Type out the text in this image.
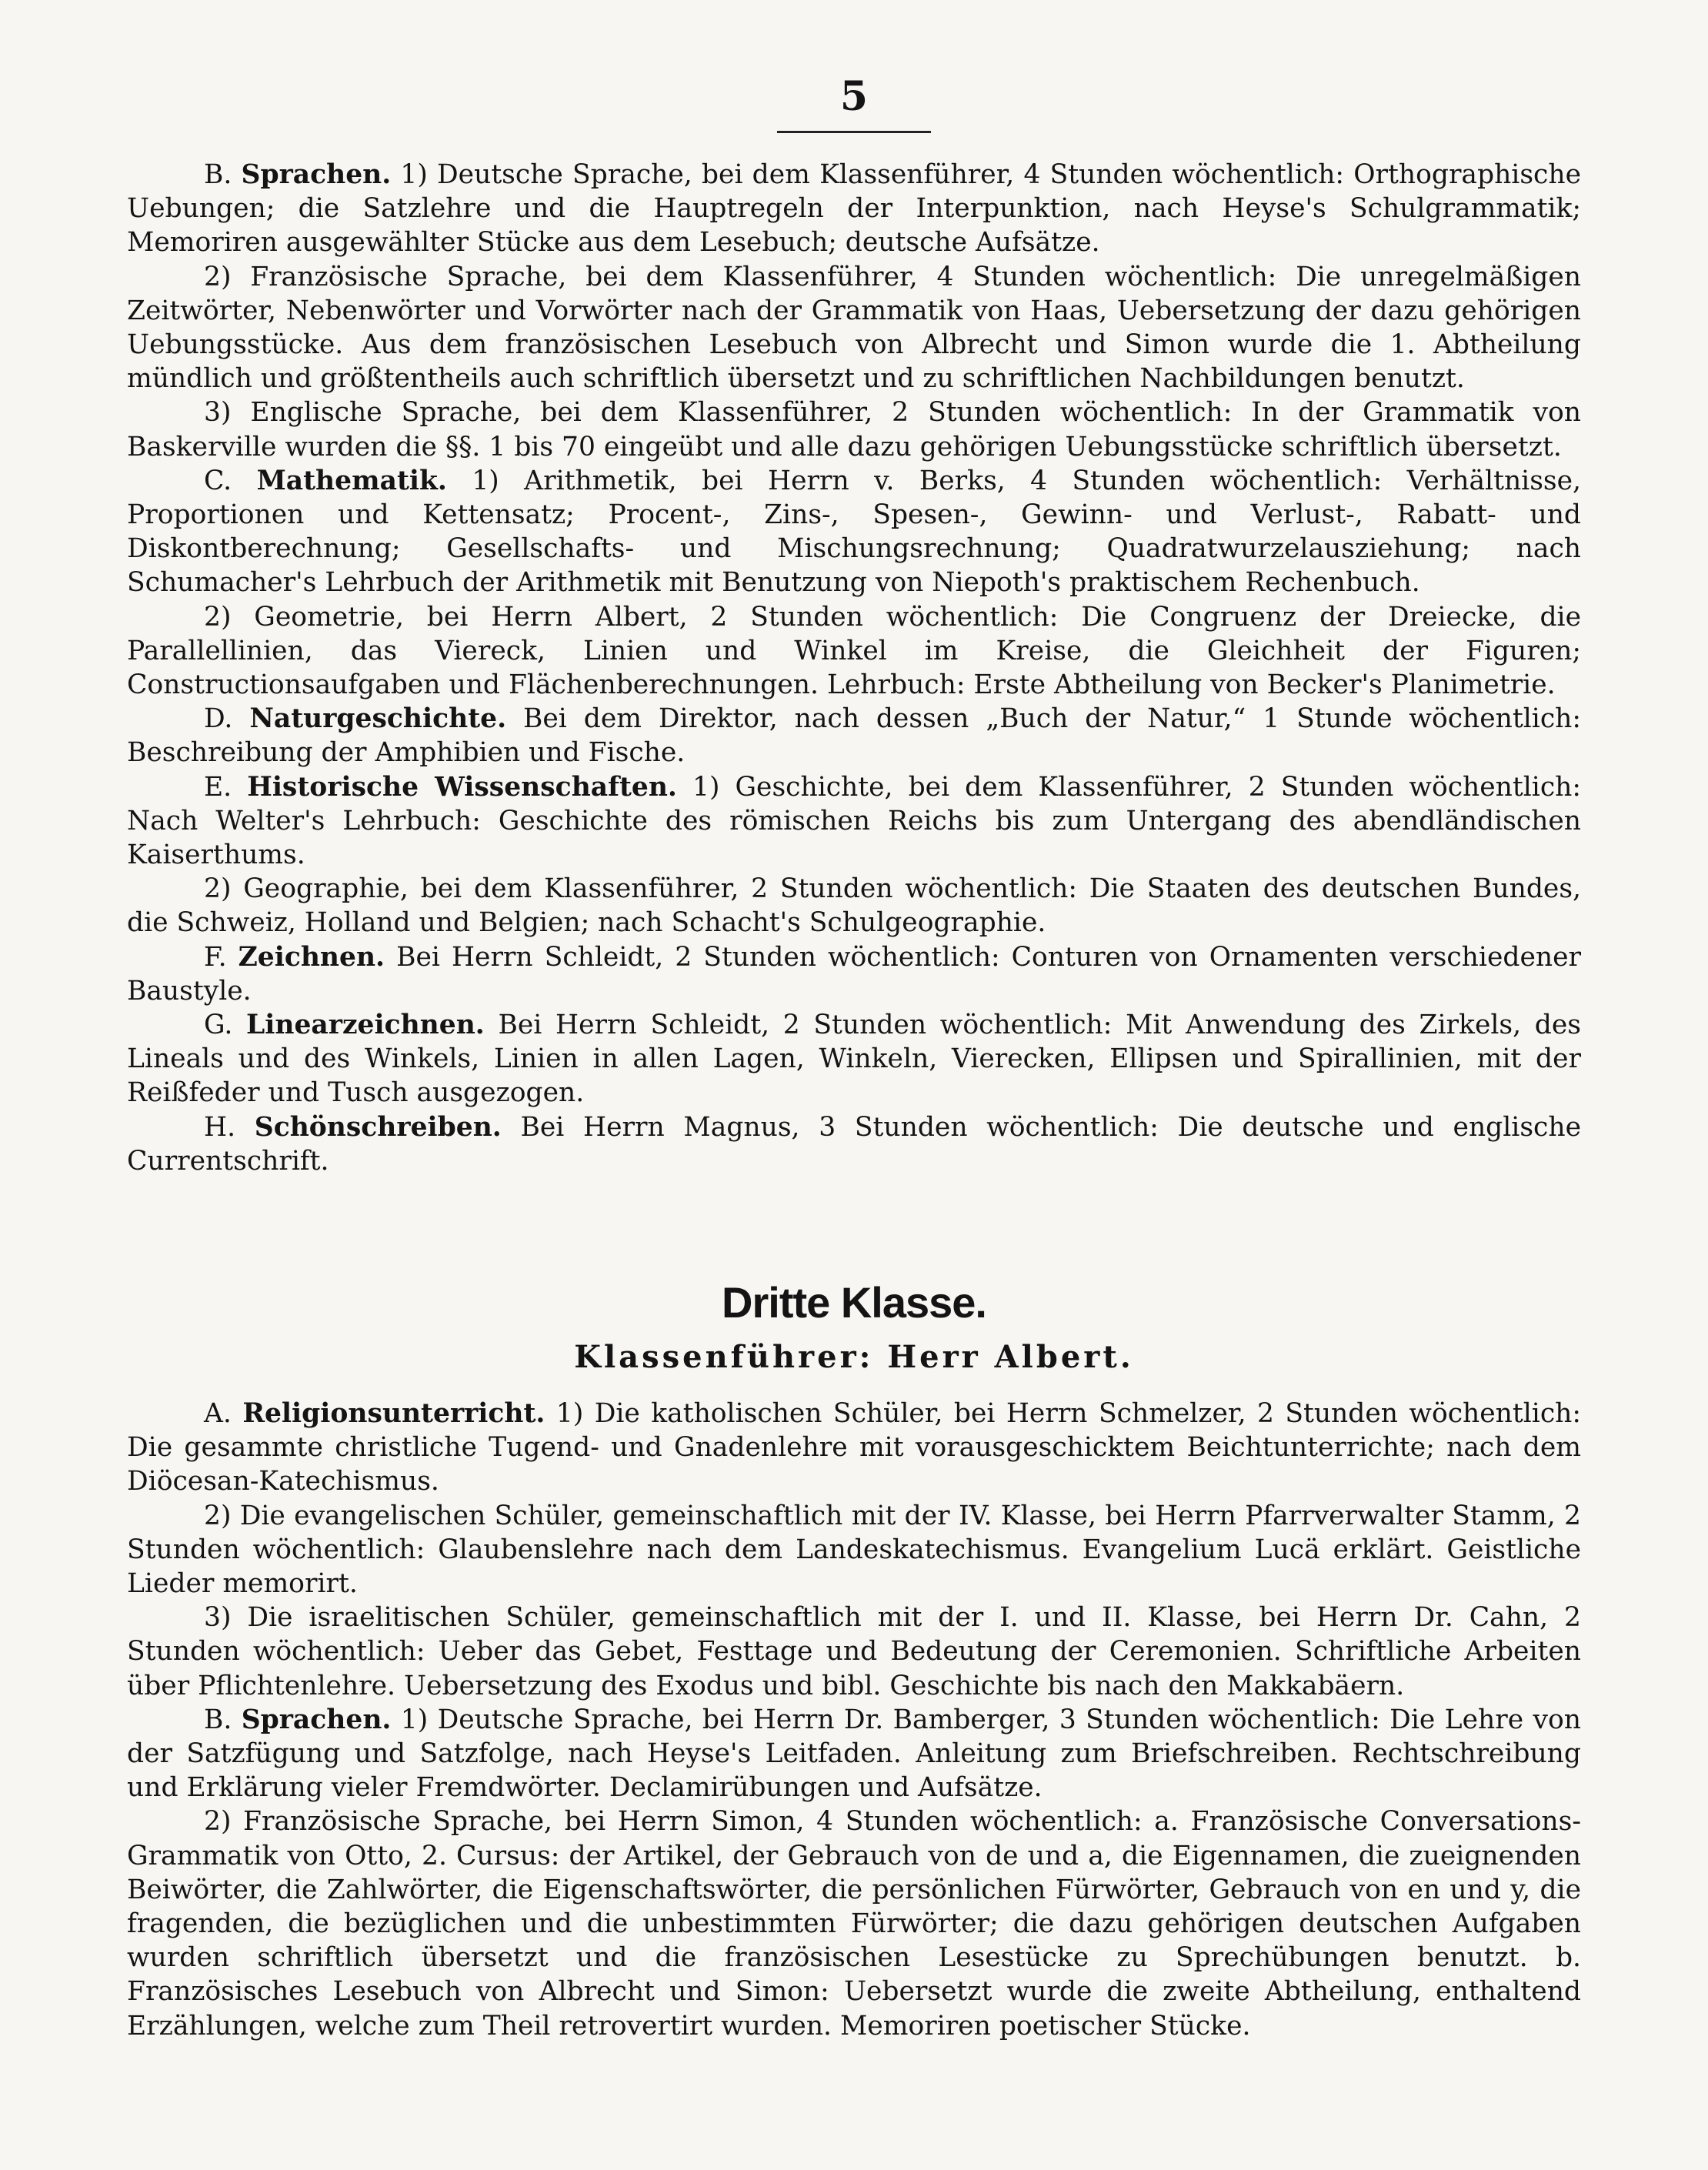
5

B. Sprachen. 1) Deutsche Sprache, bei dem Klassenführer, 4 Stunden wöchentlich: Orthographische Uebungen; die Satzlehre und die Hauptregeln der Interpunktion, nach Heyse's Schulgrammatik; Memoriren ausgewählter Stücke aus dem Lesebuch; deutsche Aufsätze.

2) Französische Sprache, bei dem Klassenführer, 4 Stunden wöchentlich: Die unregelmäßigen Zeitwörter, Nebenwörter und Vorwörter nach der Grammatik von Haas, Uebersetzung der dazu gehörigen Uebungsstücke. Aus dem französischen Lesebuch von Albrecht und Simon wurde die 1. Abtheilung mündlich und größtentheils auch schriftlich übersetzt und zu schriftlichen Nachbildungen benutzt.

3) Englische Sprache, bei dem Klassenführer, 2 Stunden wöchentlich: In der Grammatik von Baskerville wurden die §§. 1 bis 70 eingeübt und alle dazu gehörigen Uebungsstücke schriftlich übersetzt.

C. Mathematik. 1) Arithmetik, bei Herrn v. Berks, 4 Stunden wöchentlich: Verhältnisse, Proportionen und Kettensatz; Procent-, Zins-, Spesen-, Gewinn- und Verlust-, Rabatt- und Diskontberechnung; Gesellschafts- und Mischungsrechnung; Quadratwurzelausziehung; nach Schumacher's Lehrbuch der Arithmetik mit Benutzung von Niepoth's praktischem Rechenbuch.

2) Geometrie, bei Herrn Albert, 2 Stunden wöchentlich: Die Congruenz der Dreiecke, die Parallellinien, das Viereck, Linien und Winkel im Kreise, die Gleichheit der Figuren; Constructionsaufgaben und Flächenberechnungen. Lehrbuch: Erste Abtheilung von Becker's Planimetrie.

D. Naturgeschichte. Bei dem Direktor, nach dessen „Buch der Natur,“ 1 Stunde wöchentlich: Beschreibung der Amphibien und Fische.

E. Historische Wissenschaften. 1) Geschichte, bei dem Klassenführer, 2 Stunden wöchentlich: Nach Welter's Lehrbuch: Geschichte des römischen Reichs bis zum Untergang des abendländischen Kaiserthums.

2) Geographie, bei dem Klassenführer, 2 Stunden wöchentlich: Die Staaten des deutschen Bundes, die Schweiz, Holland und Belgien; nach Schacht's Schulgeographie.

F. Zeichnen. Bei Herrn Schleidt, 2 Stunden wöchentlich: Conturen von Ornamenten verschiedener Baustyle.

G. Linearzeichnen. Bei Herrn Schleidt, 2 Stunden wöchentlich: Mit Anwendung des Zirkels, des Lineals und des Winkels, Linien in allen Lagen, Winkeln, Vierecken, Ellipsen und Spirallinien, mit der Reißfeder und Tusch ausgezogen.

H. Schönschreiben. Bei Herrn Magnus, 3 Stunden wöchentlich: Die deutsche und englische Currentschrift.

Dritte Klasse.
Klassenführer: Herr Albert.

A. Religionsunterricht. 1) Die katholischen Schüler, bei Herrn Schmelzer, 2 Stunden wöchentlich: Die gesammte christliche Tugend- und Gnadenlehre mit vorausgeschicktem Beichtunterrichte; nach dem Diöcesan-Katechismus.

2) Die evangelischen Schüler, gemeinschaftlich mit der IV. Klasse, bei Herrn Pfarrverwalter Stamm, 2 Stunden wöchentlich: Glaubenslehre nach dem Landeskatechismus. Evangelium Lucä erklärt. Geistliche Lieder memorirt.

3) Die israelitischen Schüler, gemeinschaftlich mit der I. und II. Klasse, bei Herrn Dr. Cahn, 2 Stunden wöchentlich: Ueber das Gebet, Festtage und Bedeutung der Ceremonien. Schriftliche Arbeiten über Pflichtenlehre. Uebersetzung des Exodus und bibl. Geschichte bis nach den Makkabäern.

B. Sprachen. 1) Deutsche Sprache, bei Herrn Dr. Bamberger, 3 Stunden wöchentlich: Die Lehre von der Satzfügung und Satzfolge, nach Heyse's Leitfaden. Anleitung zum Briefschreiben. Rechtschreibung und Erklärung vieler Fremdwörter. Declamirübungen und Aufsätze.

2) Französische Sprache, bei Herrn Simon, 4 Stunden wöchentlich: a. Französische Conversations-Grammatik von Otto, 2. Cursus: der Artikel, der Gebrauch von de und a, die Eigennamen, die zueignenden Beiwörter, die Zahlwörter, die Eigenschaftswörter, die persönlichen Fürwörter, Gebrauch von en und y, die fragenden, die bezüglichen und die unbestimmten Fürwörter; die dazu gehörigen deutschen Aufgaben wurden schriftlich übersetzt und die französischen Lesestücke zu Sprechübungen benutzt. b. Französisches Lesebuch von Albrecht und Simon: Uebersetzt wurde die zweite Abtheilung, enthaltend Erzählungen, welche zum Theil retrovertirt wurden. Memoriren poetischer Stücke.
